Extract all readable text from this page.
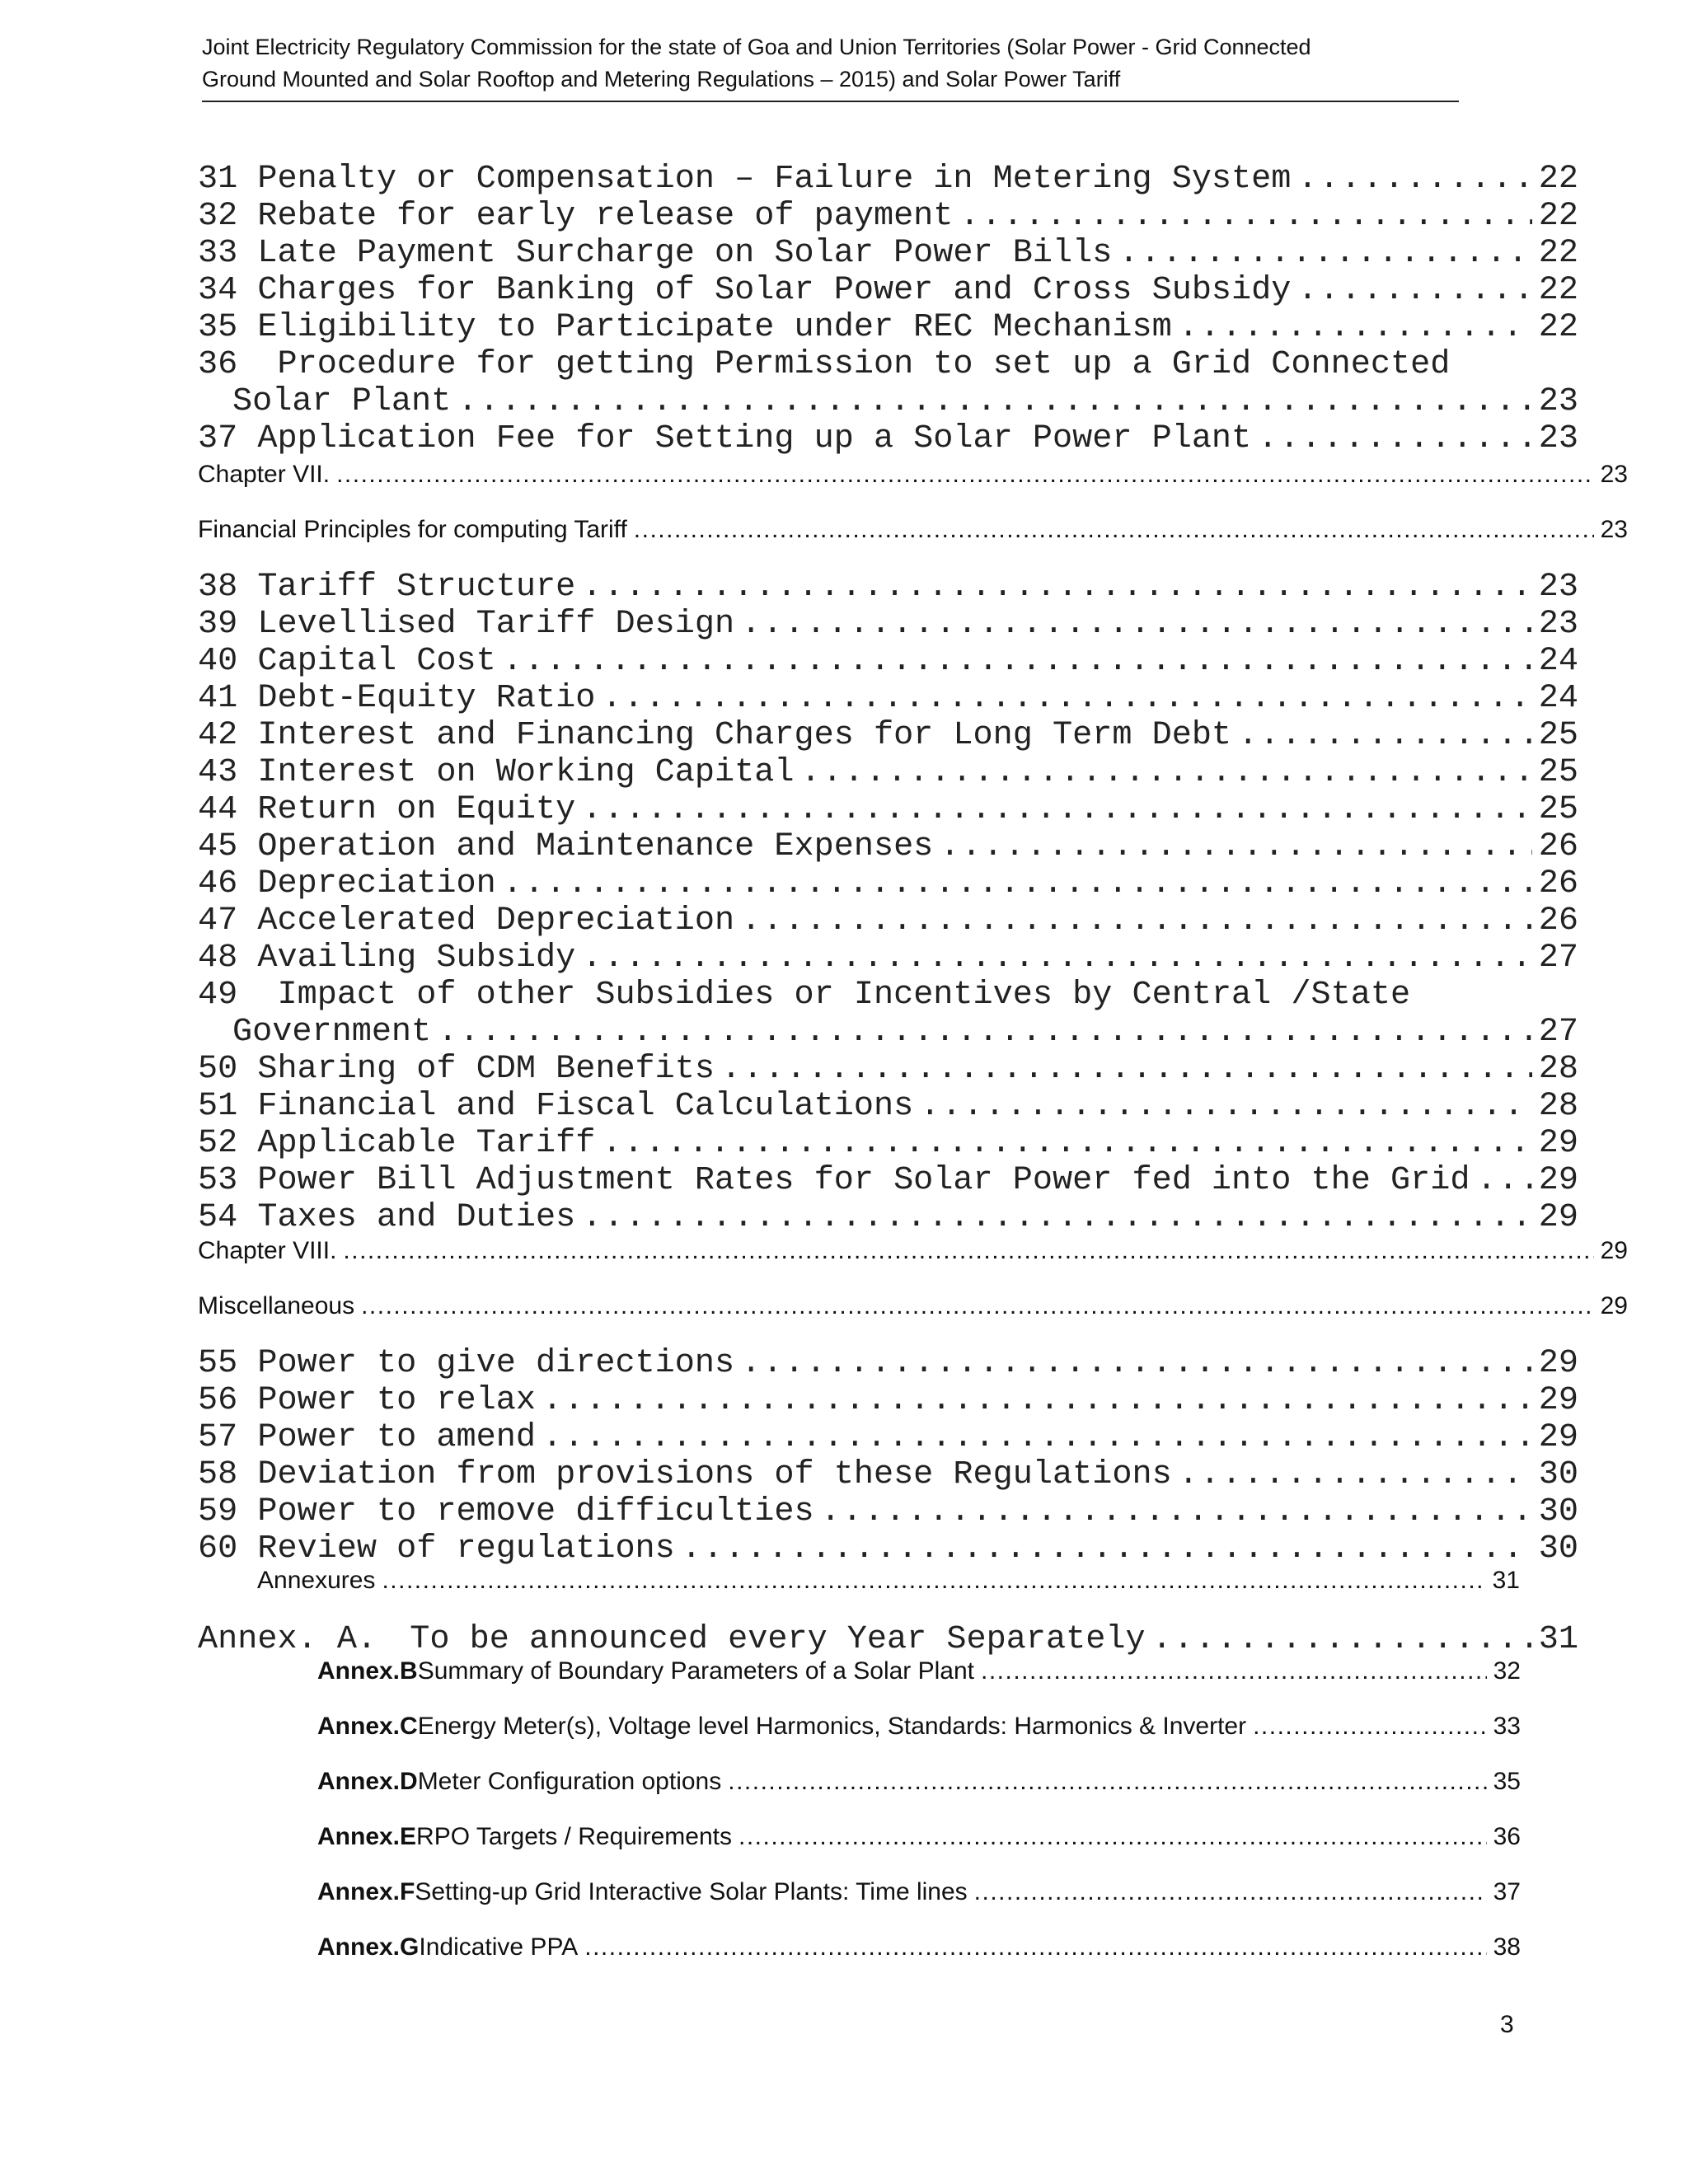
Joint Electricity Regulatory Commission for the state of Goa and Union Territories (Solar Power - Grid Connected
Ground Mounted and Solar Rooftop and Metering Regulations – 2015) and Solar Power Tariff
31 Penalty or Compensation – Failure in Metering System . . .	22
32 Rebate for early release of payment . . .	22
33 Late Payment Surcharge on Solar Power Bills . . .	22
34 Charges for Banking of Solar Power and Cross Subsidy . . .	22
35 Eligibility to Participate under REC Mechanism . . .	22
36 Procedure for getting Permission to set up a Grid Connected
Solar Plant . . .	23
37 Application Fee for Setting up a Solar Power Plant . . .	23
Chapter VII. .....	23
Financial Principles for computing Tariff .....	23
38 Tariff Structure . . .	23
39 Levellised Tariff Design . . .	23
40 Capital Cost . . .	24
41 Debt-Equity Ratio . . .	24
42 Interest and Financing Charges for Long Term Debt . . .	25
43 Interest on Working Capital . . .	25
44 Return on Equity . . .	25
45 Operation and Maintenance Expenses . . .	26
46 Depreciation . . .	26
47 Accelerated Depreciation . . .	26
48 Availing Subsidy . . .	27
49 Impact of other Subsidies or Incentives by Central /State
Government . . .	27
50 Sharing of CDM Benefits . . .	28
51 Financial and Fiscal Calculations . . .	28
52 Applicable Tariff . . .	29
53 Power Bill Adjustment Rates for Solar Power fed into the Grid . . . 29
54 Taxes and Duties . . .	29
Chapter VIII. .....	29
Miscellaneous .....	29
55 Power to give directions . . .	29
56 Power to relax . . .	29
57 Power to amend . . .	29
58 Deviation from provisions of these Regulations . . .	30
59 Power to remove difficulties . . .	30
60 Review of regulations . . .	30
Annexures .....	31
Annex. A. To be announced every Year Separately . . .	31
Annex.B Summary of Boundary Parameters of a Solar Plant .....	32
Annex.C Energy Meter(s), Voltage level Harmonics, Standards: Harmonics & Inverter .....	33
Annex.D Meter Configuration options .....	35
Annex.E RPO Targets / Requirements .....	36
Annex.F Setting-up Grid Interactive Solar Plants: Time lines .....	37
Annex.G Indicative PPA .....	38
3
